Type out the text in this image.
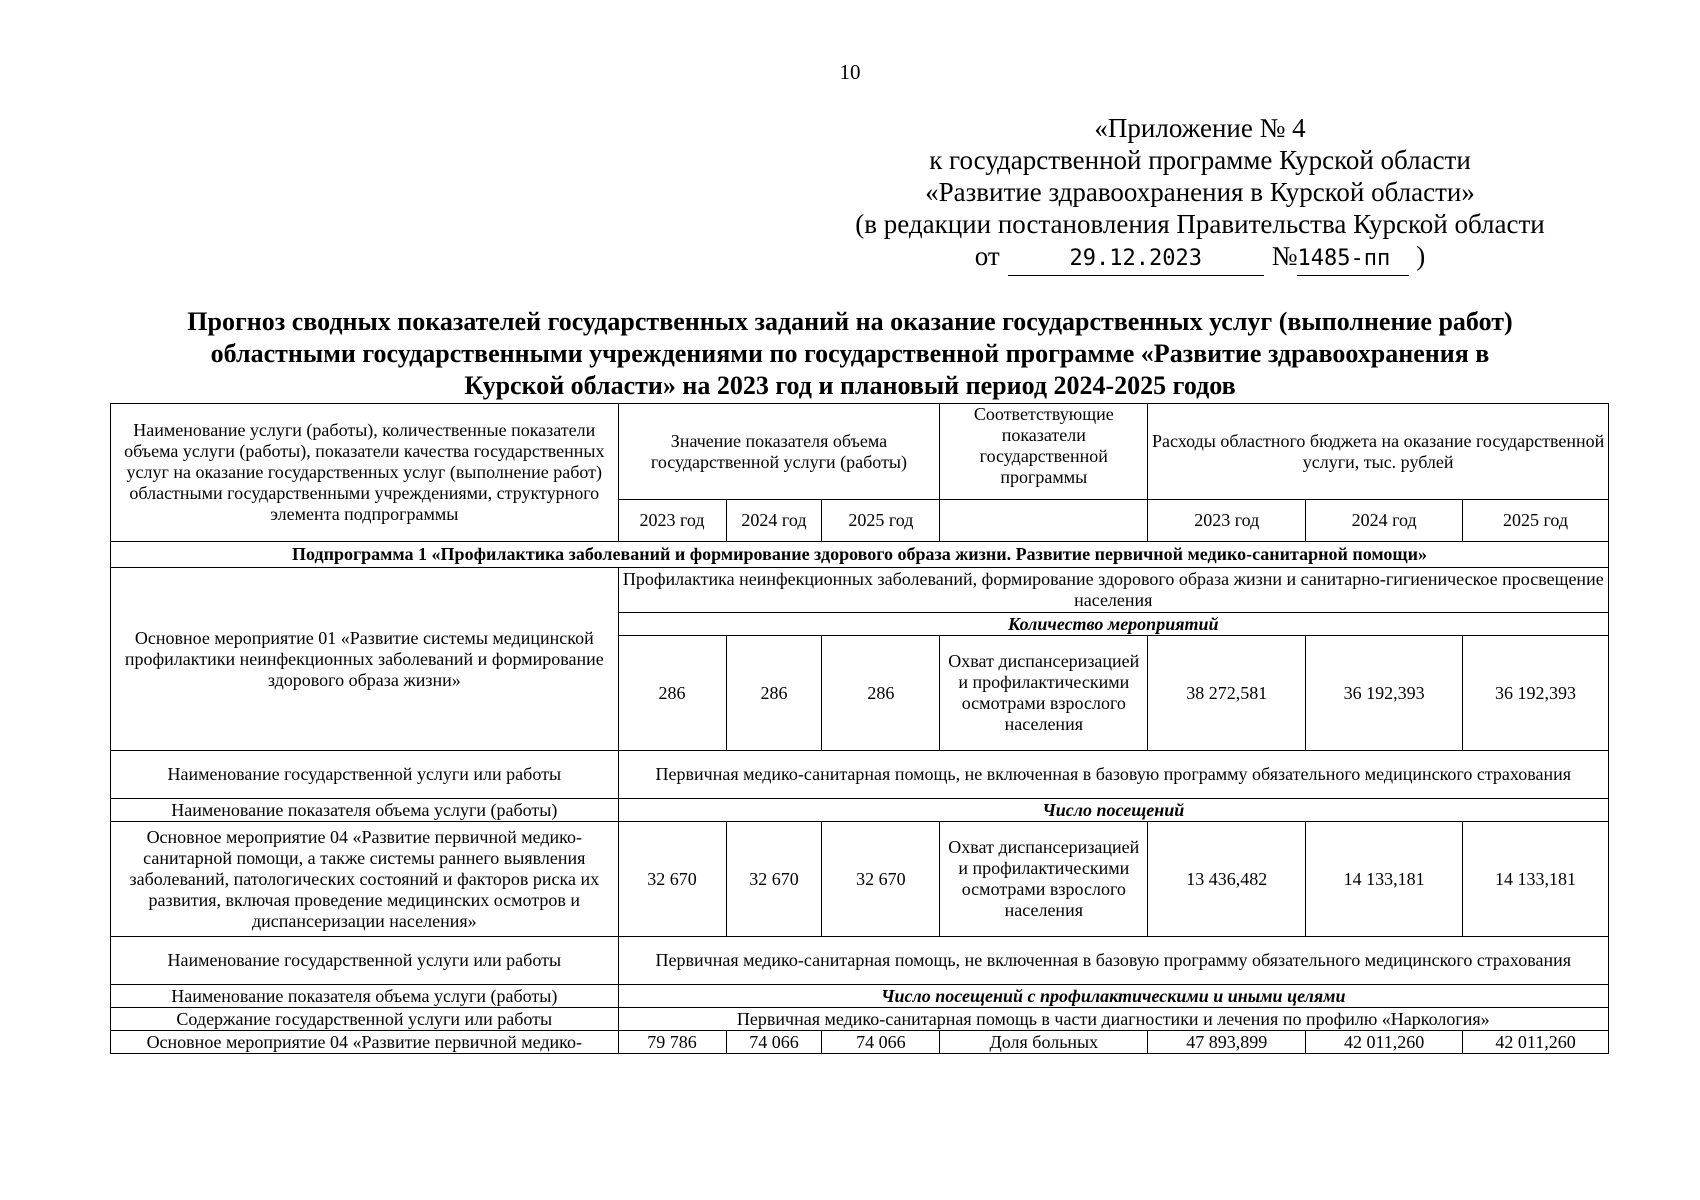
10
«Приложение № 4
к государственной программе Курской области
«Развитие здравоохранения в Курской области»
(в редакции постановления Правительства Курской области
от	29.12.2023	№1485-пп )
Прогноз сводных показателей государственных заданий на оказание государственных услуг (выполнение работ)
областными государственными учреждениями по государственной программе «Развитие здравоохранения в
Курской области» на 2023 год и плановый период 2024-2025 годов
Наименование услуги (работы), количественные показатели объема услуги (работы), показатели качества государственных услуг на оказание государственных услуг (выполнение работ) областными государственными учреждениями, структурного элемента подпрограммы	Значение показателя объема государственной услуги (работы)			Соответствующие показатели государственной программы	Расходы областного бюджета на оказание государственной услуги, тыс. рублей		
	2023 год	2024 год	2025 год		2023 год	2024 год	2025 год
Подпрограмма 1 «Профилактика заболеваний и формирование здорового образа жизни. Развитие первичной медико-санитарной помощи»							
Основное мероприятие 01 «Развитие системы медицинской профилактики неинфекционных заболеваний и формирование здорового образа жизни»	Профилактика неинфекционных заболеваний, формирование здорового образа жизни и санитарно-гигиеническое просвещение населения						
	Количество мероприятий						
	286	286	286	Охват диспансеризацией и профилактическими осмотрами взрослого населения	38 272,581	36 192,393	36 192,393
Наименование государственной услуги или работы	Первичная медико-санитарная помощь, не включенная в базовую программу обязательного медицинского страхования						
Наименование показателя объема услуги (работы)	Число посещений						
Основное мероприятие 04 «Развитие первичной медико-санитарной помощи, а также системы раннего выявления заболеваний, патологических состояний и факторов риска их развития, включая проведение медицинских осмотров и диспансеризации населения»	32 670	32 670	32 670	Охват диспансеризацией и профилактическими осмотрами взрослого населения	13 436,482	14 133,181	14 133,181
Наименование государственной услуги или работы	Первичная медико-санитарная помощь, не включенная в базовую программу обязательного медицинского страхования						
Наименование показателя объема услуги (работы)	Число посещений с профилактическими и иными целями						
Содержание государственной услуги или работы	Первичная медико-санитарная помощь в части диагностики и лечения по профилю «Наркология»						
Основное мероприятие 04 «Развитие первичной медико-	79 786	74 066	74 066	Доля больных	47 893,899	42 011,260	42 011,260
